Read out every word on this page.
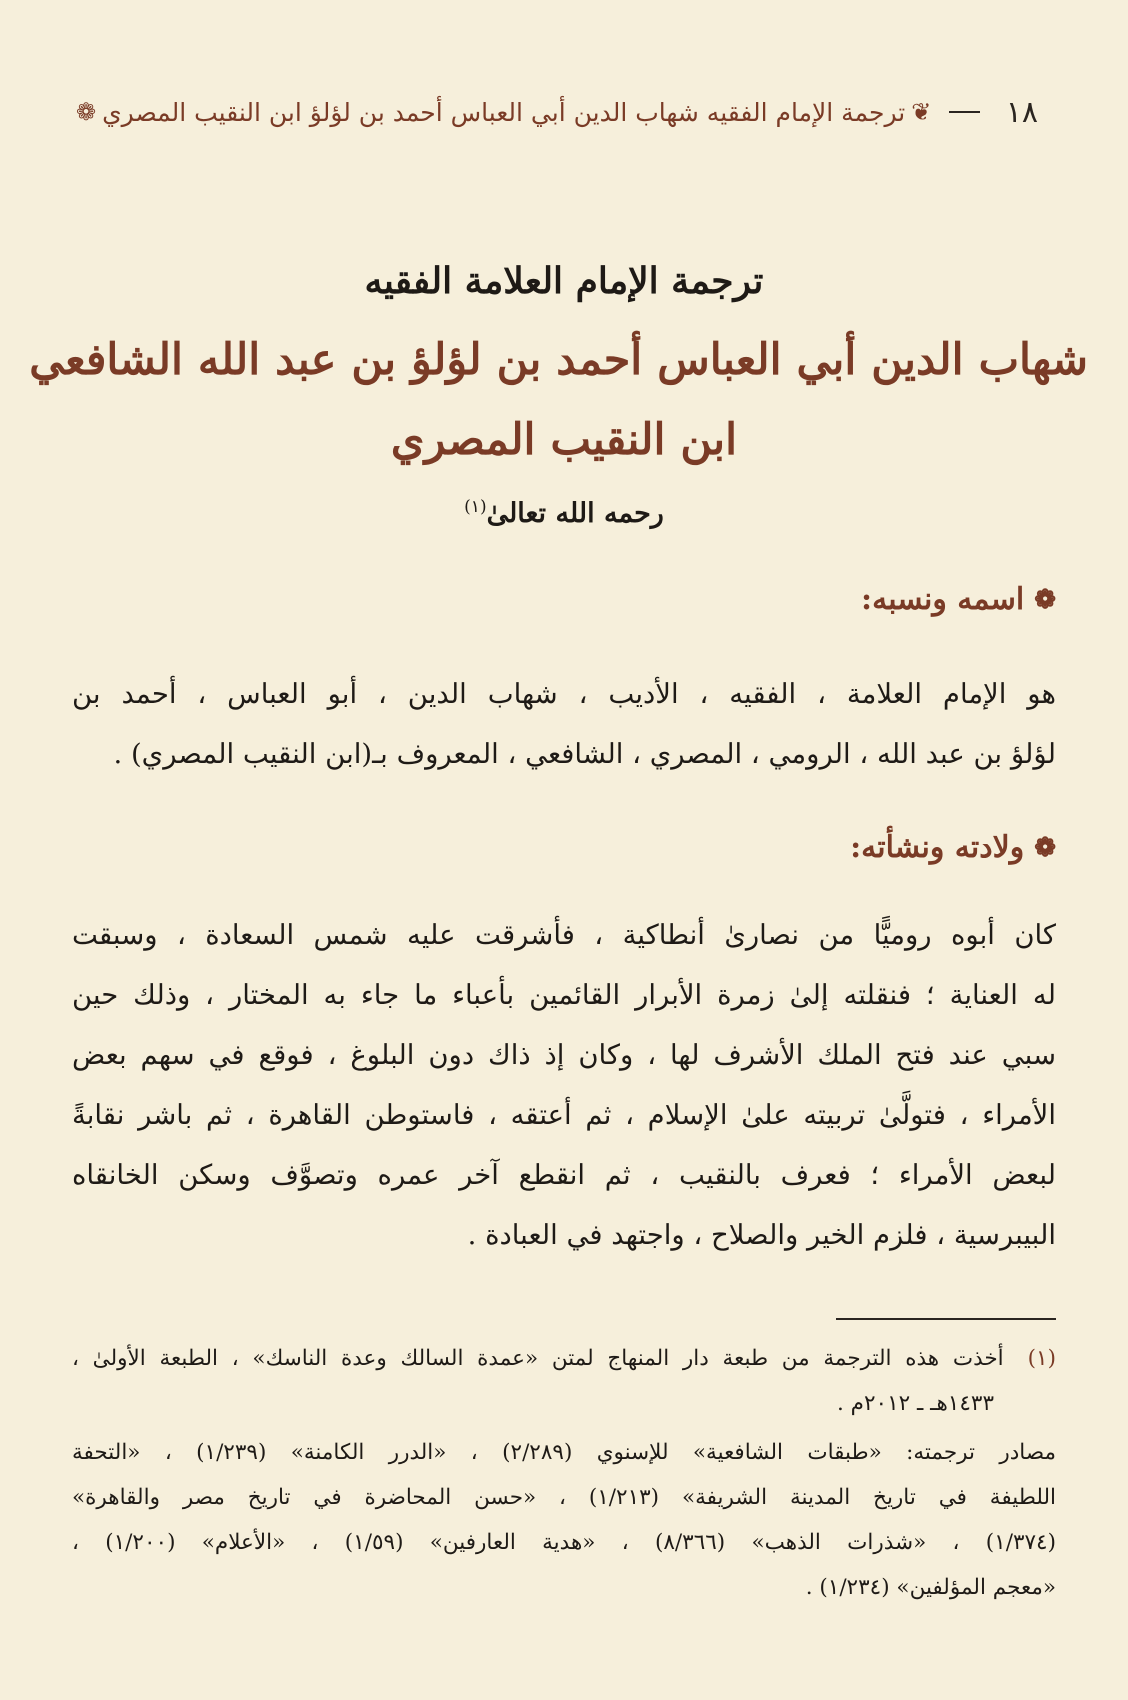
١٨
❦
ترجمة الإمام الفقيه شهاب الدين أبي العباس أحمد بن لؤلؤ ابن النقيب المصري
❁
ترجمة الإمام العلامة الفقيه
شهاب الدين أبي العباس أحمد بن لؤلؤ بن عبد الله الشافعي
ابن النقيب المصري
رحمه الله تعالىٰ$^{(١)}$
❁
اسمه ونسبه:
هو الإمام العلامة ، الفقيه ، الأديب ، شهاب الدين ، أبو العباس ، أحمد بن
لؤلؤ بن عبد الله ، الرومي ، المصري ، الشافعي ، المعروف بـ(ابن النقيب المصري) .
❁
ولادته ونشأته:
كان أبوه روميًّا من نصارىٰ أنطاكية ، فأشرقت عليه شمس السعادة ، وسبقت
له العناية ؛ فنقلته إلىٰ زمرة الأبرار القائمين بأعباء ما جاء به المختار ، وذلك حين
سبي عند فتح الملك الأشرف لها ، وكان إذ ذاك دون البلوغ ، فوقع في سهم بعض
الأمراء ، فتولَّىٰ تربيته علىٰ الإسلام ، ثم أعتقه ، فاستوطن القاهرة ، ثم باشر نقابةً
لبعض الأمراء ؛ فعرف بالنقيب ، ثم انقطع آخر عمره وتصوَّف وسكن الخانقاه
البيبرسية ، فلزم الخير والصلاح ، واجتهد في العبادة .
(١)أخذت هذه الترجمة من طبعة دار المنهاج لمتن «عمدة السالك وعدة الناسك» ، الطبعة الأولىٰ ،
١٤٣٣هـ ـ ٢٠١٢م .
مصادر ترجمته: «طبقات الشافعية» للإسنوي (٢/٢٨٩) ، «الدرر الكامنة» (١/٢٣٩) ، «التحفة
اللطيفة في تاريخ المدينة الشريفة» (١/٢١٣) ، «حسن المحاضرة في تاريخ مصر والقاهرة»
(١/٣٧٤) ، «شذرات الذهب» (٨/٣٦٦) ، «هدية العارفين» (١/٥٩) ، «الأعلام» (١/٢٠٠) ،
«معجم المؤلفين» (١/٢٣٤) .
